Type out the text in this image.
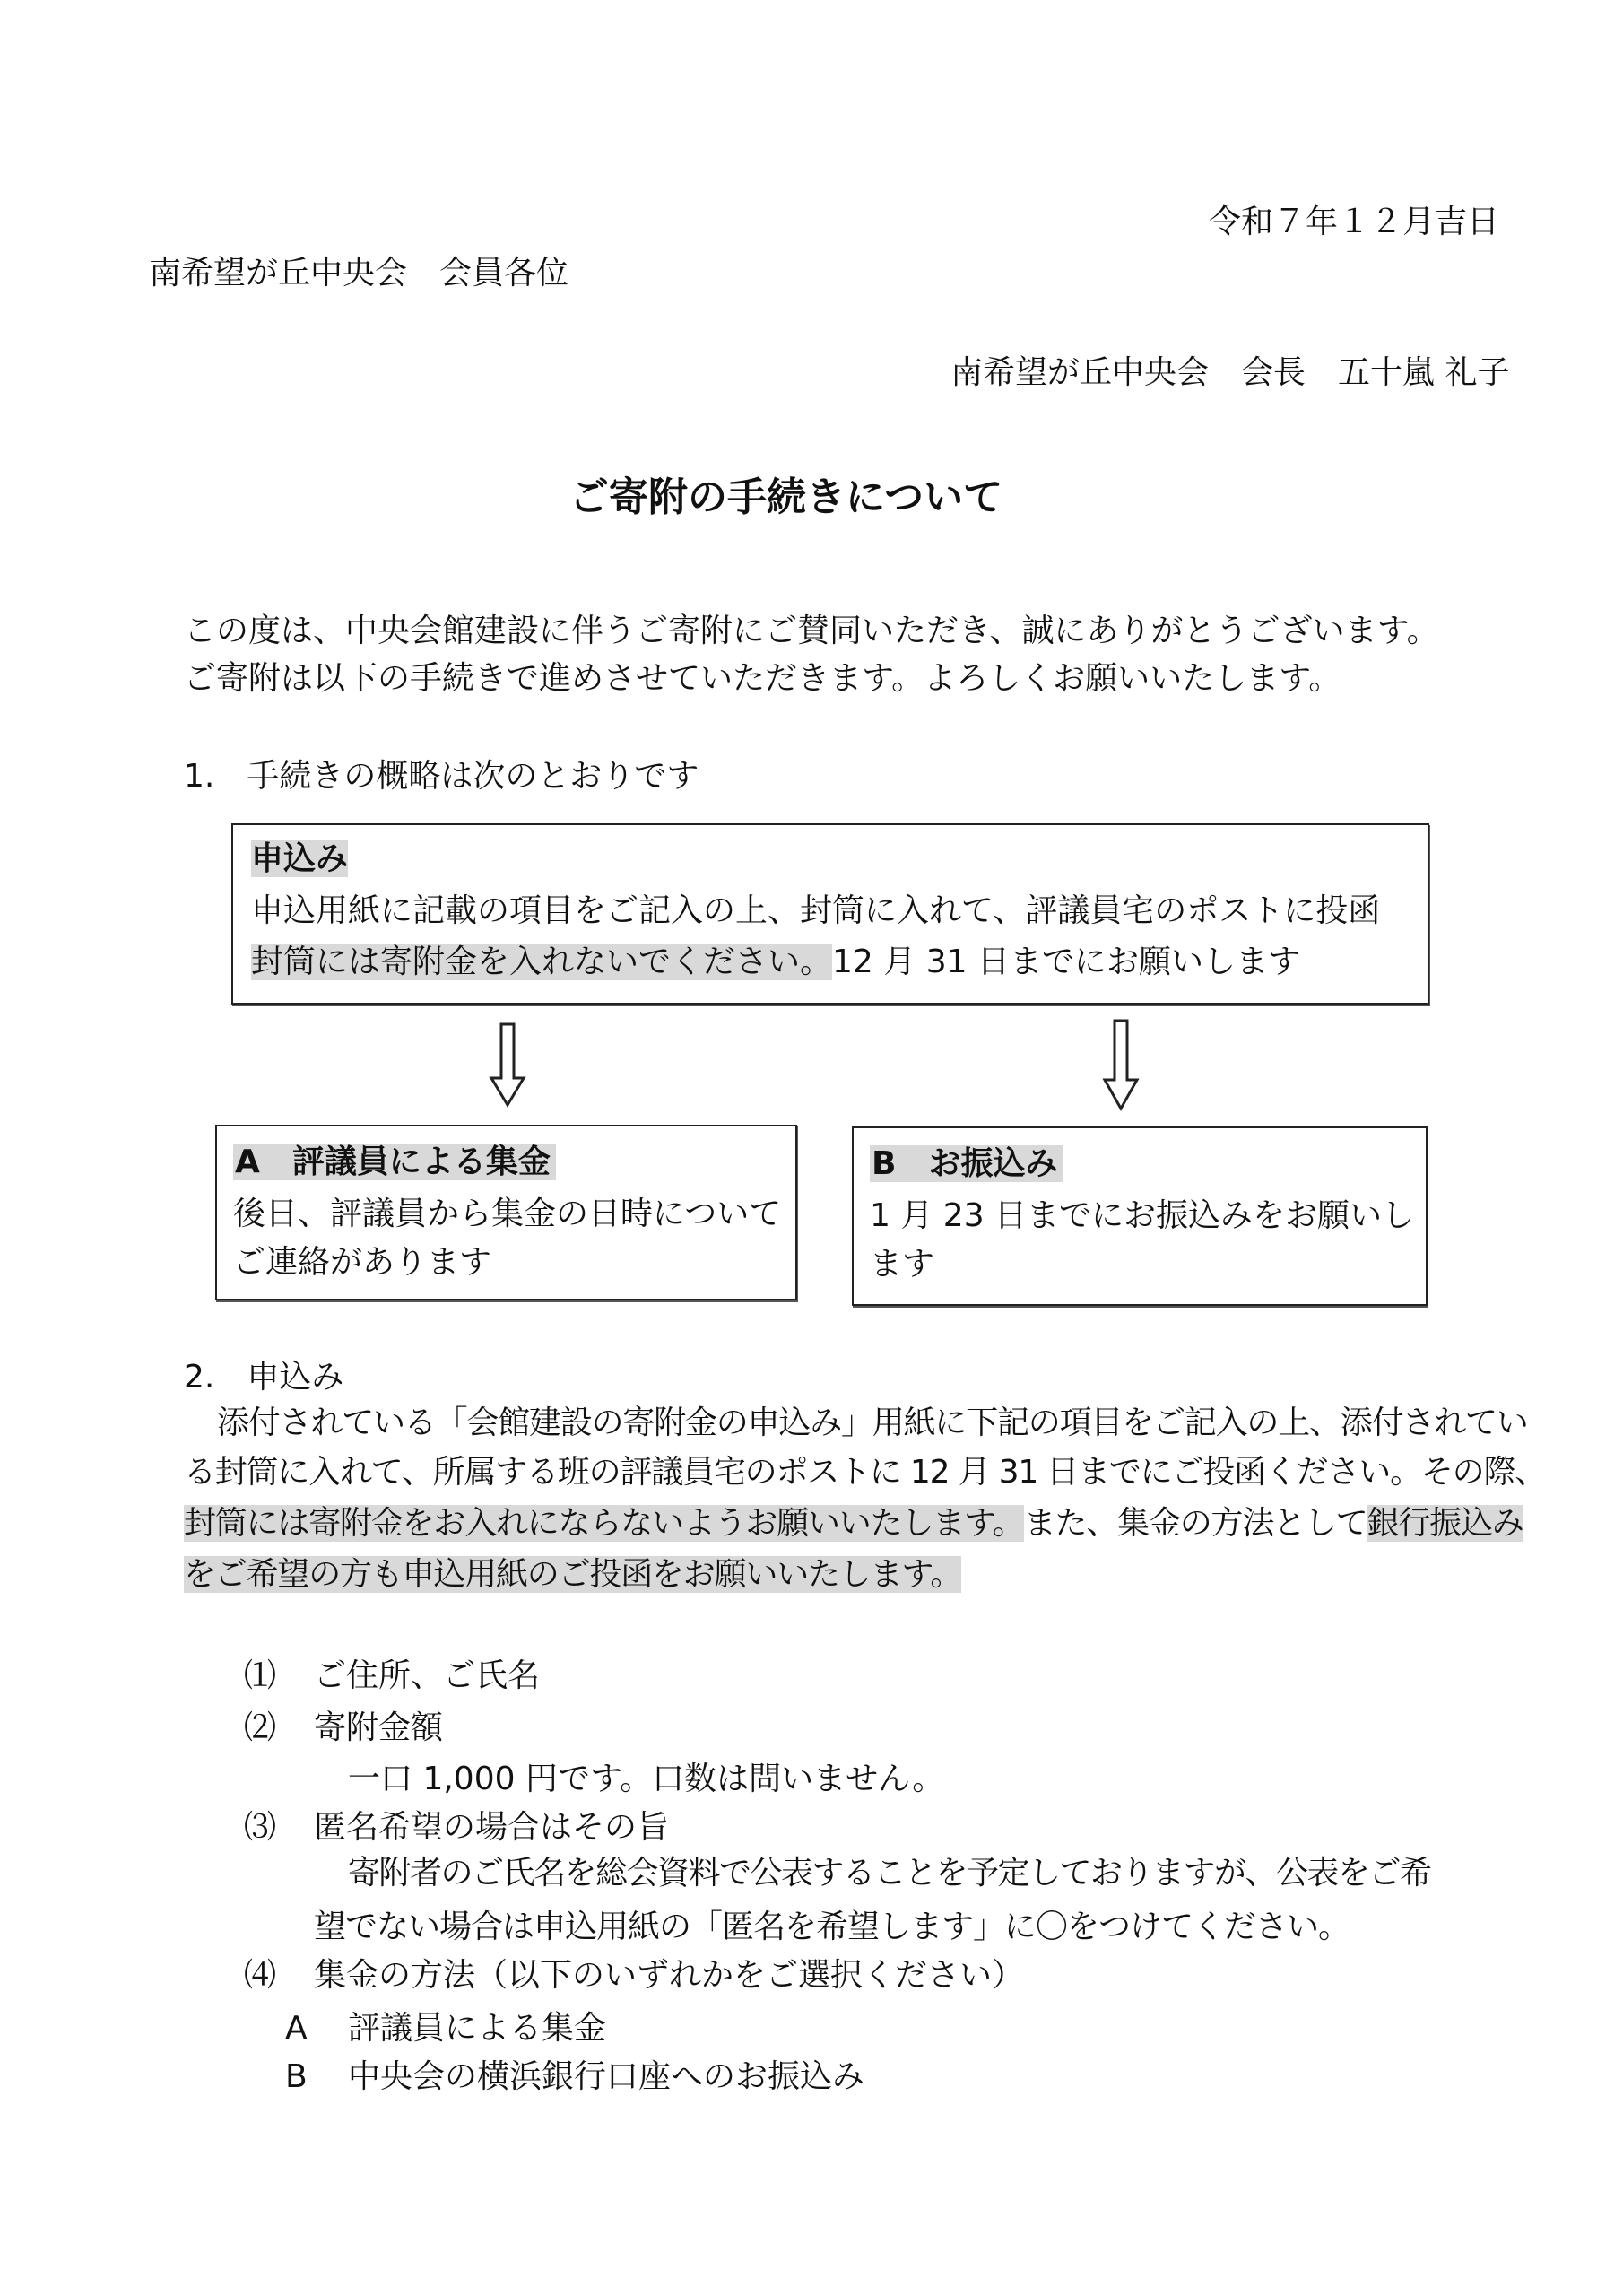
令和７年１２月吉日
南希望が丘中央会　会員各位
南希望が丘中央会　会長　五十嵐 礼子
ご寄附の手続きについて
この度は、中央会館建設に伴うご寄附にご賛同いただき、誠にありがとうございます。
ご寄附は以下の手続きで進めさせていただきます。よろしくお願いいたします。
1.　手続きの概略は次のとおりです
申込み
申込用紙に記載の項目をご記入の上、封筒に入れて、評議員宅のポストに投函
封筒には寄附金を入れないでください。12 月 31 日までにお願いします
A　評議員による集金
後日、評議員から集金の日時について
ご連絡があります
B　お振込み
1 月 23 日までにお振込みをお願いし
ます
2.　申込み
添付されている「会館建設の寄附金の申込み」用紙に下記の項目をご記入の上、添付されてい
る封筒に入れて、所属する班の評議員宅のポストに 12 月 31 日までにご投函ください。その際、
封筒には寄附金をお入れにならないようお願いいたします。また、集金の方法として銀行振込み
をご希望の方も申込用紙のご投函をお願いいたします。
⑴ ご住所、ご氏名
⑵ 寄附金額
一口 1,000 円です。口数は問いません。
⑶ 匿名希望の場合はその旨
寄附者のご氏名を総会資料で公表することを予定しておりますが、公表をご希
望でない場合は申込用紙の「匿名を希望します」に〇をつけてください。
⑷ 集金の方法（以下のいずれかをご選択ください）
A 評議員による集金
B 中央会の横浜銀行口座へのお振込み
